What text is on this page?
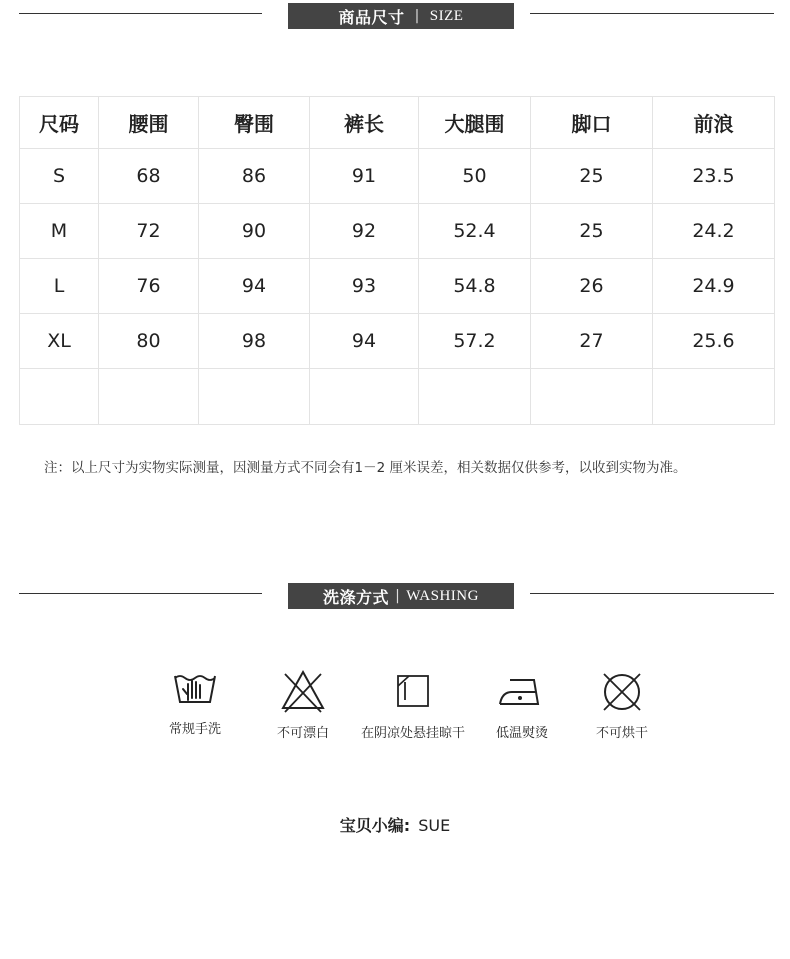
商品尺寸 | SIZE
尺码	腰围	臀围	裤长	大腿围	脚口	前浪
S	68	86	91	50	25	23.5
M	72	90	92	52.4	25	24.2
L	76	94	93	54.8	26	24.9
XL	80	98	94	57.2	27	25.6

注：以上尺寸为实物实际测量，因测量方式不同会有1－2 厘米误差，相关数据仅供参考，以收到实物为准。
洗涤方式 | WASHING
常规手洗	不可漂白	在阴凉处悬挂晾干	低温熨烫	不可烘干
宝贝小编: SUE
